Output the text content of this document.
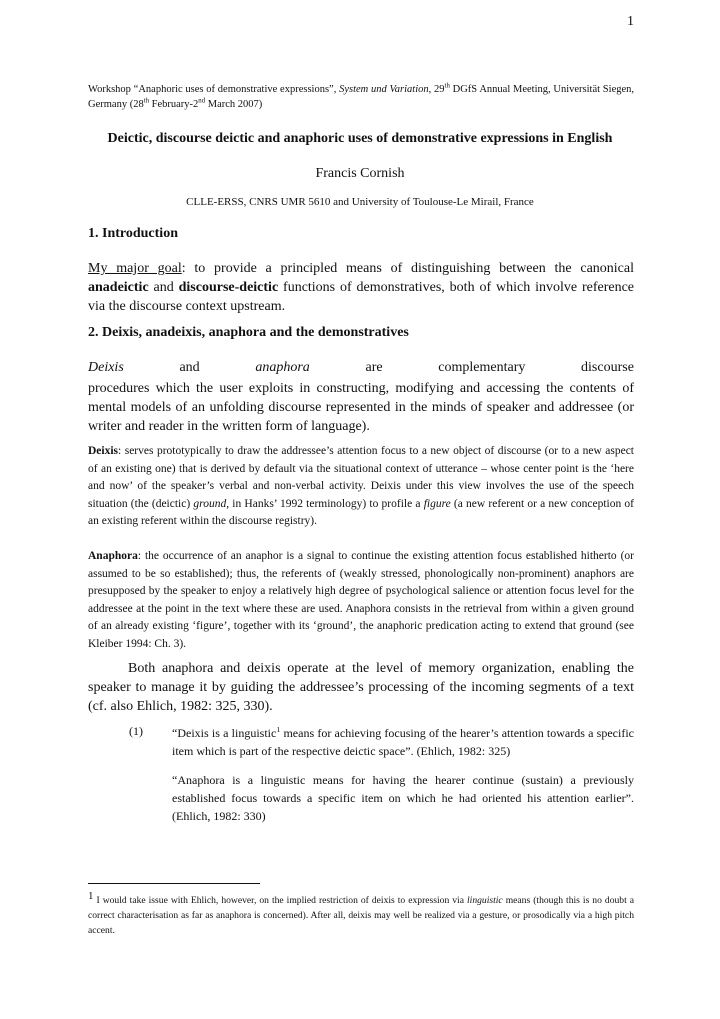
1
Workshop “Anaphoric uses of demonstrative expressions”, System und Variation, 29th DGfS Annual Meeting, Universität Siegen, Germany (28th February-2nd March 2007)
Deictic, discourse deictic and anaphoric uses of demonstrative expressions in English
Francis Cornish
CLLE-ERSS, CNRS UMR 5610 and University of Toulouse-Le Mirail, France
1. Introduction
My major goal: to provide a principled means of distinguishing between the canonical anadeictic and discourse-deictic functions of demonstratives, both of which involve reference via the discourse context upstream.
2. Deixis, anadeixis, anaphora and the demonstratives
Deixis	and	anaphora	are	complementary	discourse
procedures which the user exploits in constructing, modifying and accessing the contents of mental models of an unfolding discourse represented in the minds of speaker and addressee (or writer and reader in the written form of language).
Deixis: serves prototypically to draw the addressee’s attention focus to a new object of discourse (or to a new aspect of an existing one) that is derived by default via the situational context of utterance – whose center point is the ‘here and now’ of the speaker’s verbal and non-verbal activity. Deixis under this view involves the use of the speech situation (the (deictic) ground, in Hanks’ 1992 terminology) to profile a figure (a new referent or a new conception of an existing referent within the discourse registry).
Anaphora: the occurrence of an anaphor is a signal to continue the existing attention focus established hitherto (or assumed to be so established); thus, the referents of (weakly stressed, phonologically non-prominent) anaphors are presupposed by the speaker to enjoy a relatively high degree of psychological salience or attention focus level for the addressee at the point in the text where these are used. Anaphora consists in the retrieval from within a given ground of an already existing ‘figure’, together with its ‘ground’, the anaphoric predication acting to extend that ground (see Kleiber 1994: Ch. 3).
Both anaphora and deixis operate at the level of memory organization, enabling the speaker to manage it by guiding the addressee’s processing of the incoming segments of a text (cf. also Ehlich, 1982: 325, 330).
(1) “Deixis is a linguistic$^1$ means for achieving focusing of the hearer’s attention towards a specific item which is part of the respective deictic space”. (Ehlich, 1982: 325)
“Anaphora is a linguistic means for having the hearer continue (sustain) a previously established focus towards a specific item on which he had oriented his attention earlier”. (Ehlich, 1982: 330)
$^1$ I would take issue with Ehlich, however, on the implied restriction of deixis to expression via linguistic means (though this is no doubt a correct characterisation as far as anaphora is concerned). After all, deixis may well be realized via a gesture, or prosodically via a high pitch accent.
